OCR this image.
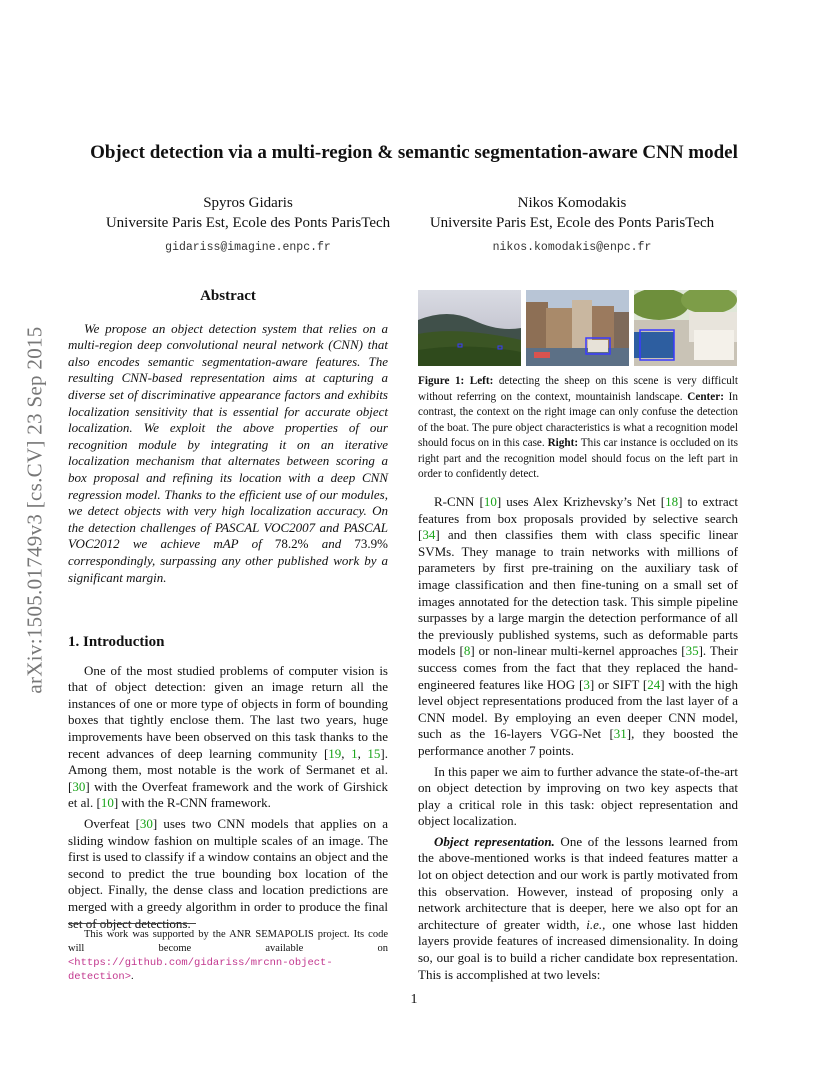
Object detection via a multi-region & semantic segmentation-aware CNN model
Spyros Gidaris
Universite Paris Est, Ecole des Ponts ParisTech
gidariss@imagine.enpc.fr
Nikos Komodakis
Universite Paris Est, Ecole des Ponts ParisTech
nikos.komodakis@enpc.fr
arXiv:1505.01749v3 [cs.CV] 23 Sep 2015
Abstract

We propose an object detection system that relies on a multi-region deep convolutional neural network (CNN) that also encodes semantic segmentation-aware features. The resulting CNN-based representation aims at capturing a diverse set of discriminative appearance factors and exhibits localization sensitivity that is essential for accurate object localization. We exploit the above properties of our recognition module by integrating it on an iterative localization mechanism that alternates between scoring a box proposal and refining its location with a deep CNN regression model. Thanks to the efficient use of our modules, we detect objects with very high localization accuracy. On the detection challenges of PASCAL VOC2007 and PASCAL VOC2012 we achieve mAP of 78.2% and 73.9% correspondingly, surpassing any other published work by a significant margin.

1. Introduction

One of the most studied problems of computer vision is that of object detection: given an image return all the instances of one or more type of objects in form of bounding boxes that tightly enclose them. The last two years, huge improvements have been observed on this task thanks to the recent advances of deep learning community [19, 1, 15]. Among them, most notable is the work of Sermanet et al. [30] with the Overfeat framework and the work of Girshick et al. [10] with the R-CNN framework.

Overfeat [30] uses two CNN models that applies on a sliding window fashion on multiple scales of an image. The first is used to classify if a window contains an object and the second to predict the true bounding box location of the object. Finally, the dense class and location predictions are merged with a greedy algorithm in order to produce the final set of object detections.

This work was supported by the ANR SEMAPOLIS project. Its code will become available on <https://github.com/gidariss/mrcnn-object-detection>.
Figure 1: Left: detecting the sheep on this scene is very difficult without referring on the context, mountainish landscape. Center: In contrast, the context on the right image can only confuse the detection of the boat. The pure object characteristics is what a recognition model should focus on in this case. Right: This car instance is occluded on its right part and the recognition model should focus on the left part in order to confidently detect.

R-CNN [10] uses Alex Krizhevsky’s Net [18] to extract features from box proposals provided by selective search [34] and then classifies them with class specific linear SVMs. They manage to train networks with millions of parameters by first pre-training on the auxiliary task of image classification and then fine-tuning on a small set of images annotated for the detection task. This simple pipeline surpasses by a large margin the detection performance of all the previously published systems, such as deformable parts models [8] or non-linear multi-kernel approaches [35]. Their success comes from the fact that they replaced the hand-engineered features like HOG [3] or SIFT [24] with the high level object representations produced from the last layer of a CNN model. By employing an even deeper CNN model, such as the 16-layers VGG-Net [31], they boosted the performance another 7 points.

In this paper we aim to further advance the state-of-the-art on object detection by improving on two key aspects that play a critical role in this task: object representation and object localization.

Object representation. One of the lessons learned from the above-mentioned works is that indeed features matter a lot on object detection and our work is partly motivated from this observation. However, instead of proposing only a network architecture that is deeper, here we also opt for an architecture of greater width, i.e., one whose last hidden layers provide features of increased dimensionality. In doing so, our goal is to build a richer candidate box representation. This is accomplished at two levels:

1
